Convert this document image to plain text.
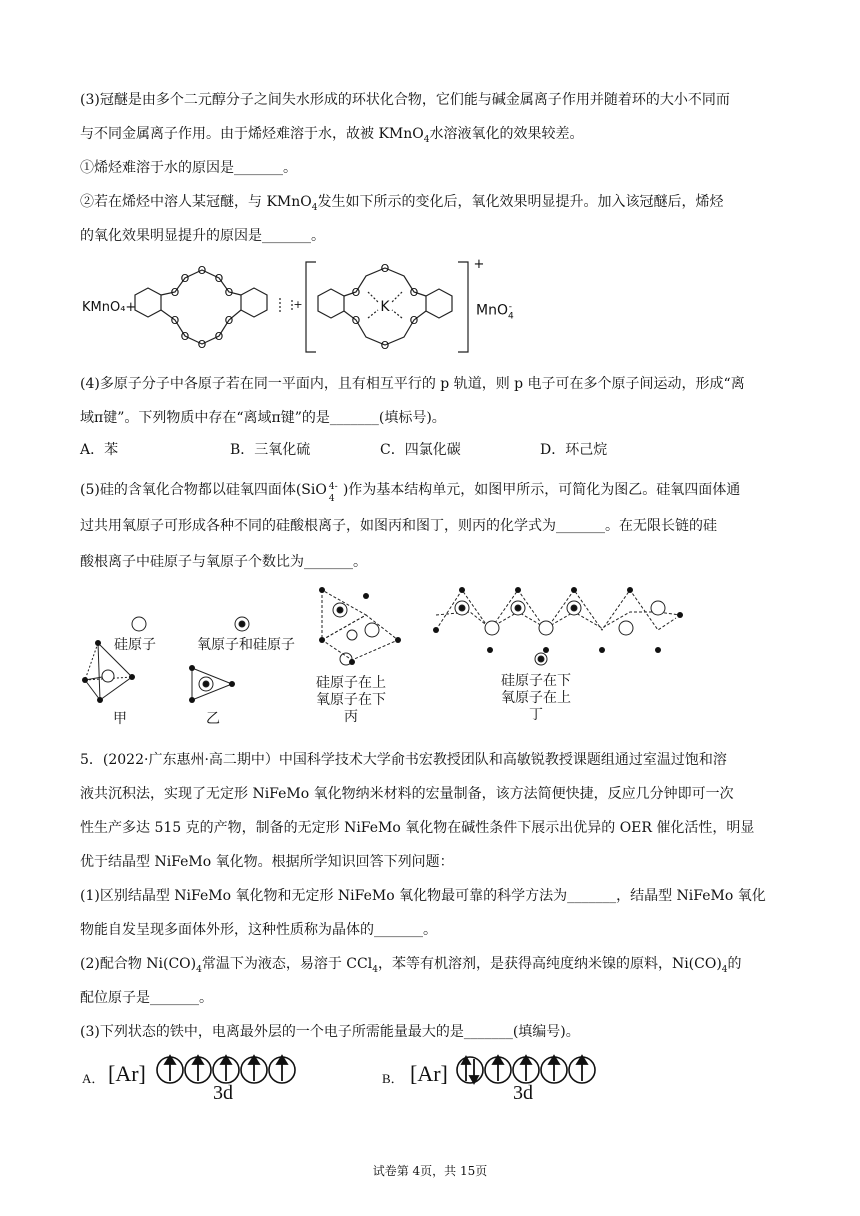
(3)冠醚是由多个二元醇分子之间失水形成的环状化合物，它们能与碱金属离子作用并随着环的大小不同而
与不同金属离子作用。由于烯烃难溶于水，故被 KMnO$_4$水溶液氧化的效果较差。
①烯烃难溶于水的原因是_______。
②若在烯烃中溶人某冠醚，与 KMnO$_4$发生如下所示的变化后，氧化效果明显提升。加入该冠醚后，烯烃
的氧化效果明显提升的原因是_______。
KMnO₄+
O	O
O	O
O O
O O
O
O
O	O
O	O
O
O
K
+
+
MnO$_4$-
(4)多原子分子中各原子若在同一平面内，且有相互平行的 p 轨道，则 p 电子可在多个原子间运动，形成“离
域π键”。下列物质中存在“离域π键”的是_______(填标号)。
A．苯	B．三氧化硫	C．四氯化碳	D．环己烷
(5)硅的含氧化合物都以硅氧四面体(SiO 4-
4
)作为基本结构单元，如图甲所示，可简化为图乙。硅氧四面体通
过共用氧原子可形成各种不同的硅酸根离子，如图丙和图丁，则丙的化学式为_______。在无限长链的硅
酸根离子中硅原子与氧原子个数比为_______。
硅原子	氧原子和硅原子
硅原子在上
氧原子在下
丙
硅原子在下
氧原子在上
丁
甲	乙
5．(2022·广东惠州·高二期中）中国科学技术大学俞书宏教授团队和高敏锐教授课题组通过室温过饱和溶
液共沉积法，实现了无定形 NiFeMo 氧化物纳米材料的宏量制备，该方法简便快捷，反应几分钟即可一次
性生产多达 515 克的产物，制备的无定形 NiFeMo 氧化物在碱性条件下展示出优异的 OER 催化活性，明显
优于结晶型 NiFeMo 氧化物。根据所学知识回答下列问题：
(1)区别结晶型 NiFeMo 氧化物和无定形 NiFeMo 氧化物最可靠的科学方法为_______，结晶型 NiFeMo 氧化
物能自发呈现多面体外形，这种性质称为晶体的_______。
(2)配合物 $Ni(CO)_4$常温下为液态，易溶于 CCl$_4$，苯等有机溶剂，是获得高纯度纳米镍的原料，$Ni(CO)_4$的
配位原子是_______。
(3)下列状态的铁中，电离最外层的一个电子所需能量最大的是_______(填编号)。
A． [Ar]
3d
B． [Ar]
3d
试卷第 4页，共 15页
